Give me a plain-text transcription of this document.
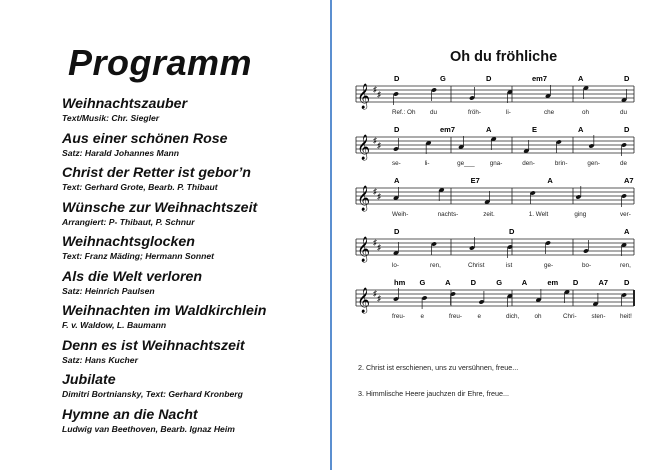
Programm
Weihnachtszauber
Text/Musik: Chr. Siegler
Aus einer schönen Rose
Satz: Harald Johannes Mann
Christ der Retter ist gebor’n
Text: Gerhard Grote, Bearb. P. Thibaut
Wünsche zur Weihnachtszeit
Arrangiert: P- Thibaut, P. Schnur
Weihnachtsglocken
Text: Franz Mäding; Hermann Sonnet
Als die Welt verloren
Satz: Heinrich Paulsen
Weihnachten im Waldkirchlein
F. v. Waldow, L. Baumann
Denn es ist Weihnachtszeit
Satz: Hans Kucher
Jubilate
Dimitri Bortniansky, Text: Gerhard Kronberg
Hymne an die Nacht
Ludwig van Beethoven, Bearb. Ignaz Heim
Oh du fröhliche
𝄞 ♯
♯
D	G	D	em7	A	D
Ref.: Oh du	fröh-	li-	che	oh	du
𝄞 ♯
♯
D	em7	A	E	A	D
se-	li-	ge___ gna-	den-	brin-	gen-	de
𝄞 ♯
♯
A	E7	A	A7
Weih-	nachts-	zeit.	1. Welt	ging	ver-
𝄞 ♯
♯
D	D	A
lo-	ren,	Christ	ist	ge-	bo-	ren,
𝄞 ♯
♯
hm G	A	D	G	A	em D	A7 D
freu- e	freu- e	dich, oh	Chri- sten- heit!
2. Christ ist erschienen, uns zu versühnen, freue...
3. Himmlische Heere jauchzen dir Ehre, freue...
